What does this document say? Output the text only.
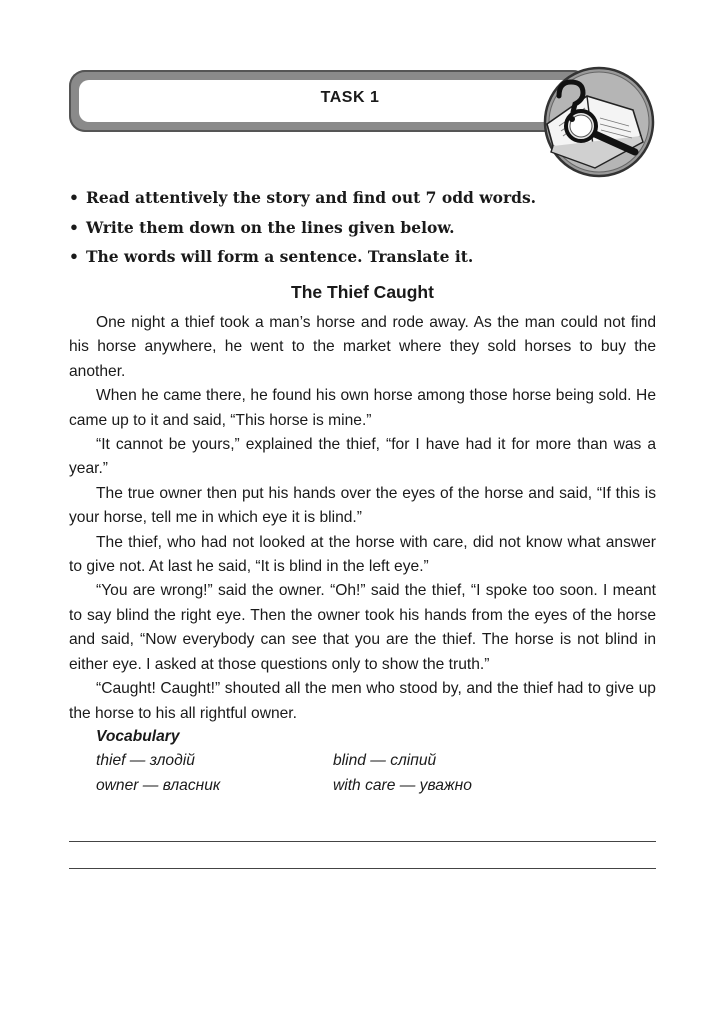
TASK 1
• Read attentively the story and find out 7 odd words.
• Write them down on the lines given below.
• The words will form a sentence. Translate it.
The Thief Caught

One night a thief took a man’s horse and rode away. As the man could not find his horse anywhere, he went to the market where they sold horses to buy the another.

When he came there, he found his own horse among those horse being sold. He came up to it and said, “This horse is mine.”

“It cannot be yours,” explained the thief, “for I have had it for more than was a year.”

The true owner then put his hands over the eyes of the horse and said, “If this is your horse, tell me in which eye it is blind.”

The thief, who had not looked at the horse with care, did not know what answer to give not. At last he said, “It is blind in the left eye.”

“You are wrong!” said the owner. “Oh!” said the thief, “I spoke too soon. I meant to say blind the right eye. Then the owner took his hands from the eyes of the horse and said, “Now everybody can see that you are the thief. The horse is not blind in either eye. I asked at those questions only to show the truth.”

“Caught! Caught!” shouted all the men who stood by, and the thief had to give up the horse to his all rightful owner.

Vocabulary
thief — злодій	blind — сліпий
owner — власник	with care — уважно
